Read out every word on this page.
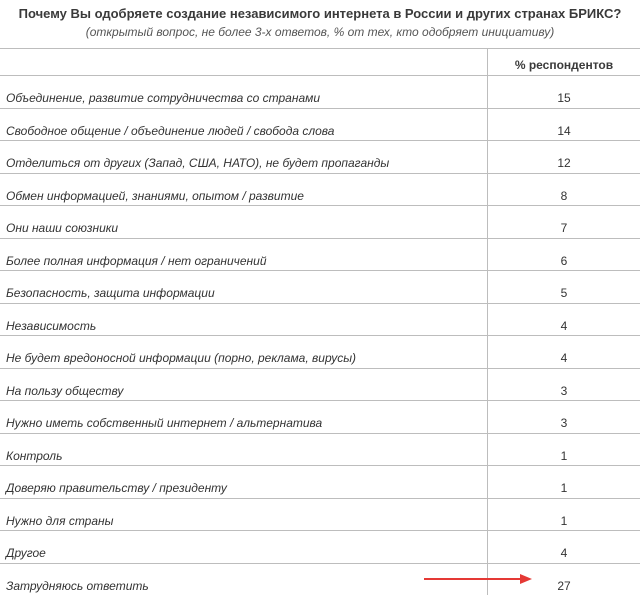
Почему Вы одобряете создание независимого интернета в России и других странах БРИКС?
(открытый вопрос, не более 3-х ответов, % от тех, кто одобряет инициативу)
% респондентов
Объединение, развитие сотрудничества со странами	15
Свободное общение / объединение людей / свобода слова	14
Отделиться от других (Запад, США, НАТО), не будет пропаганды	12
Обмен информацией, знаниями, опытом / развитие	8
Они наши союзники	7
Более полная информация / нет ограничений	6
Безопасность, защита информации	5
Независимость	4
Не будет вредоносной информации (порно, реклама, вирусы)	4
На пользу обществу	3
Нужно иметь собственный интернет / альтернатива	3
Контроль	1
Доверяю правительству / президенту	1
Нужно для страны	1
Другое	4
Затрудняюсь ответить	27
